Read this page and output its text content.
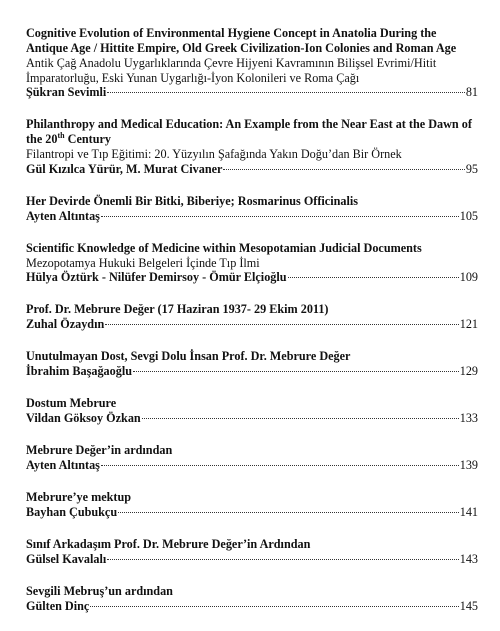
Cognitive Evolution of Environmental Hygiene Concept in Anatolia During the Antique Age / Hittite Empire, Old Greek Civilization-Ion Colonies and Roman Age
Antik Çağ Anadolu Uygarlıklarında Çevre Hijyeni Kavramının Bilişsel Evrimi/Hitit İmparatorluğu, Eski Yunan Uygarlığı-İyon Kolonileri ve Roma Çağı
Şükran Sevimli	81
Philanthropy and Medical Education: An Example from the Near East at the Dawn of the 20th Century
Filantropi ve Tıp Eğitimi: 20. Yüzyılın Şafağında Yakın Doğu’dan Bir Örnek
Gül Kızılca Yürür, M. Murat Civaner	95
Her Devirde Önemli Bir Bitki, Biberiye; Rosmarinus Officinalis
Ayten Altıntaş	105
Scientific Knowledge of Medicine within Mesopotamian Judicial Documents
Mezopotamya Hukuki Belgeleri İçinde Tıp İlmi
Hülya Öztürk - Nilüfer Demirsoy - Ömür Elçioğlu	109
Prof. Dr. Mebrure Değer (17 Haziran 1937- 29 Ekim 2011)
Zuhal Özaydın	121
Unutulmayan Dost, Sevgi Dolu İnsan Prof. Dr. Mebrure Değer
İbrahim Başağaoğlu	129
Dostum Mebrure
Vildan Göksoy Özkan	133
Mebrure Değer’in ardından
Ayten Altıntaş	139
Mebrure’ye mektup
Bayhan Çubukçu	141
Sınıf Arkadaşım Prof. Dr. Mebrure Değer’in Ardından
Gülsel Kavalalı	143
Sevgili Mebruş’un ardından
Gülten Dinç	145
